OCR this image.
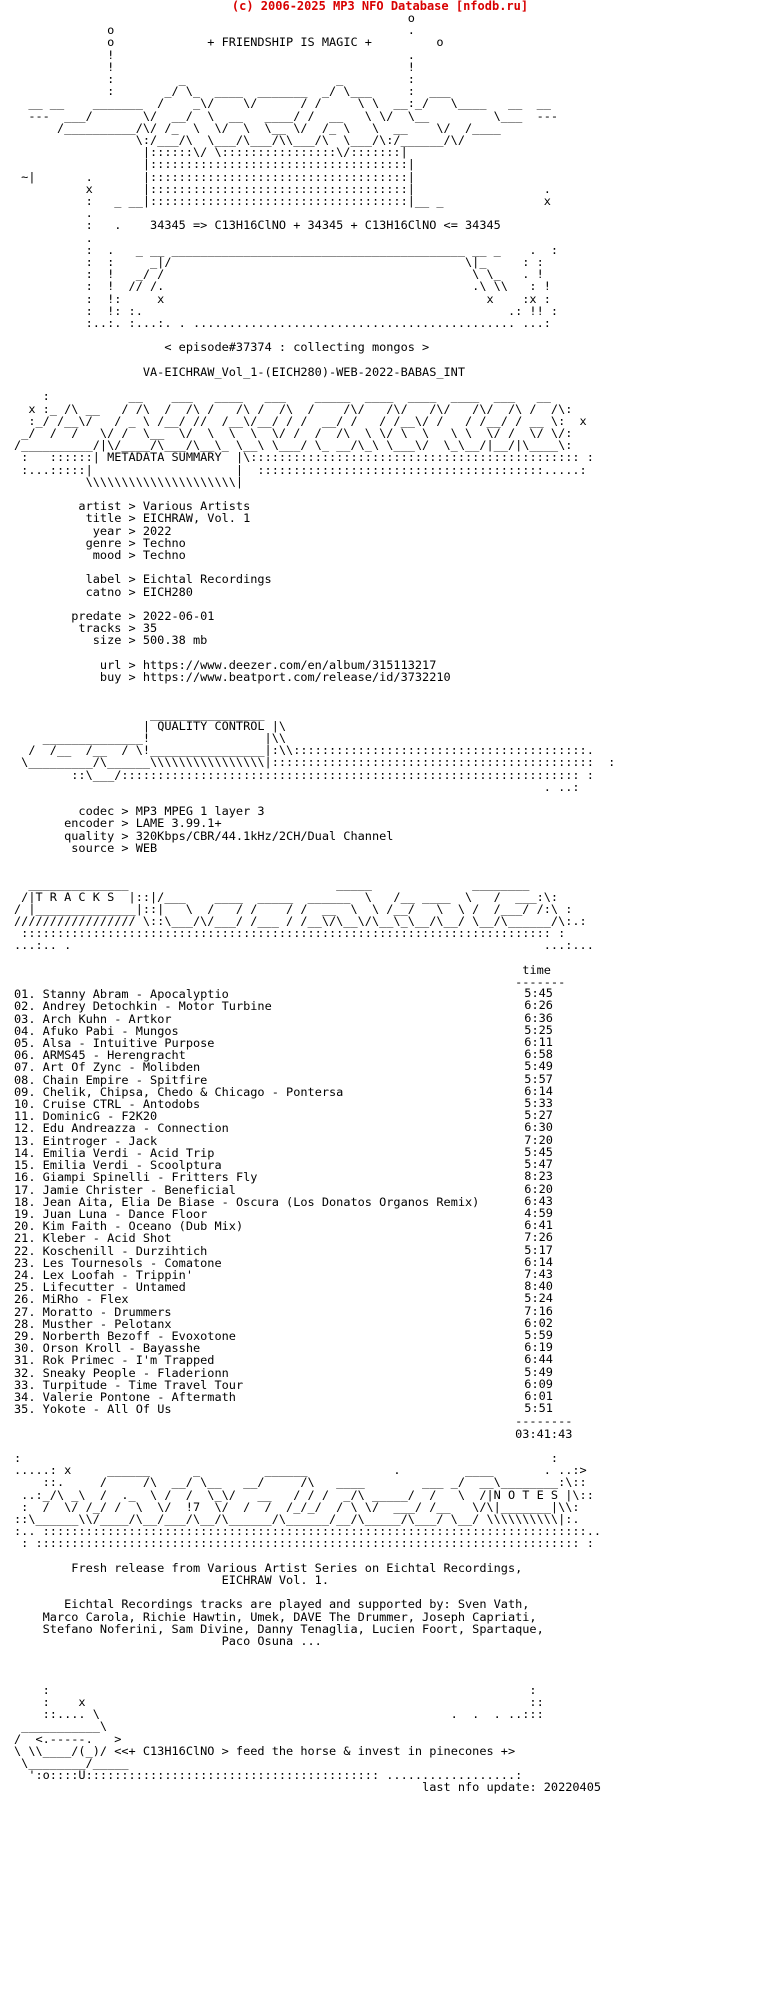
(c) 2006-2025 MP3 NFO Database [nfodb.ru]
o
o                                         .
o	+ FRIENDSHIP IS MAGIC +	o
!                                         .
!                                         !
:         _                     _         :
:       _/ \_  ____  _______  _/ \___     :  ___
__ __    _______  /    _\/    \/      / /     \ \  __:_/   \____   __  __
---  ___/       \/  __/  \  __   ____/ /  __   \ \/  \__         \___  ---
/__________/\/ /_  \  \/  \  \__ \/  /_ \   \  __    \/  /____
\:/___/\  \___/\___/\\___/\  \___/\:/______/\/
|::::::\/ \::::::::::::::::\/:::::::|
|::::::::::::::::::::::::::::::::::::|
~|       .       |::::::::::::::::::::::::::::::::::::|
x       |::::::::::::::::::::::::::::::::::::|                  .
:   _ __|::::::::::::::::::::::::::::::::::::|__ _              x
.
:   .    34345 => C13H16ClNO + 34345 + C13H16ClNO <= 34345
.
:  .   _ __ _________________________________________ __ _    .  :
:  :     _|/                                         \|_     : :
:  !   _/ /                                           \ \_   . !
:  !  // /.                                           .\ \\   : !
:  !:     x                                             x    :x :
:  !: :.                                                   .: !! :
:..:. :...:. . ............................................. ...:

< episode#37374 : collecting mongos >

VA-EICHRAW_Vol_1-(EICH280)-WEB-2022-BABAS_INT

:           __    ___   ____   ___    _____  ____  ____  ____  ___   __
x :_ /\ __   / /\  /  /\ /   /\ /  /\  /    /\/   /\/   /\/   /\/  /\ /  /\:
:_/ /__\/   / _ \ /__/ //  /__\/__/ / /  __/ /   / /__\/ /   / /__/ / __ \:  x
_/  /  /   \/ /  \__  \/  \  \  \  \/ /  /  /\  \ \/ \  \   \ \  \/ /  \/ \/:
/__________/|\/____/\___/\__\_ \__\ \___/ \_ __/\_\ \___\/  \_\__/|__/|\____\:
:   ::::::| METADATA SUMMARY  |\:::::::::::::::::::::::::::::::::::::::::::::: :
:...:::::|                    |  ::::::::::::::::::::::::::::::::::::::::.....:
\\\\\\\\\\\\\\\\\\\\\|

artist > Various Artists
title > EICHRAW, Vol. 1
year > 2022
genre > Techno
mood > Techno

label > Eichtal Recordings
catno > EICH280

predate > 2022-06-01
tracks > 35
size > 500.38 mb

url > https://www.deezer.com/en/album/315113217
buy > https://www.beatport.com/release/id/3732210

________________
| QUALITY CONTROL |\
______________!                |\\
/  /__  /__  / \!________________|:\\:::::::::::::::::::::::::::::::::::::::::.
\_________/\______\\\\\\\\\\\\\\\\|:::::::::::::::::::::::::::::::::::::::::::::  :
::\___/:::::::::::::::::::::::::::::::::::::::::::::::::::::::::::::::: :
. ..:

codec > MP3 MPEG 1 layer 3
encoder > LAME 3.99.1+
quality > 320Kbps/CBR/44.1kHz/2CH/Dual Channel
source > WEB

______________                             _____              ________
/|T R A C K S  |::|/___    ____  _____  ______  \   /__ ____  \   /  ___:\:
/ |______________|::|   \  /   / /    / /  __  \  \ /__/   \  \ /  /___/ /:\ :
///////////////// \::\___/\/___/ /___ / /__\/\__\/\__\_\__/\__/ \__/\______/\:.:
:::::::::::::::::::::::::::::::::::::::::::::::::::::::::::::::::::::::::: :
...:.. .                                                                  ...:...

time
-------
01. Stanny Abram - Apocalyptio
02. Andrey Detochkin - Motor Turbine
03. Arch Kuhn - Artkor
04. Afuko Pabi - Mungos
05. Alsa - Intuitive Purpose
06. ARMS45 - Herengracht
07. Art Of Zync - Molibden
08. Chain Empire - Spitfire
09. Chelik, Chipsa, Chedo & Chicago - Pontersa
10. Cruise CTRL - Antodobs
11. DominicG - F2K20
12. Edu Andreazza - Connection
13. Eintroger - Jack
14. Emilia Verdi - Acid Trip
15. Emilia Verdi - Scoolptura
16. Giampi Spinelli - Fritters Fly
17. Jamie Christer - Beneficial
18. Jean Aita, Elia De Biase - Oscura (Los Donatos Organos Remix)
19. Juan Luna - Dance Floor
20. Kim Faith - Oceano (Dub Mix)
21. Kleber - Acid Shot
22. Koschenill - Durzihtich
23. Les Tournesols - Comatone
24. Lex Loofah - Trippin'
25. Lifecutter - Untamed
26. MiRho - Flex
27. Moratto - Drummers
28. Musther - Pelotanx
29. Norberth Bezoff - Evoxotone
30. Orson Kroll - Bayasshe
31. Rok Primec - I'm Trapped
32. Sneaky People - Fladerionn
33. Turpitude - Time Travel Tour
34. Valerie Pontone - Aftermath
35. Yokote - All Of Us
--------
03:41:43

:                                                                          :
.....: x     ______      _         ______            .         ____       . ..:>
::.     /     /\  __/ \__   __/     /\   ____        ___ _/  __\________:\::
..:_/\ _\  /  ._  \ /  /  \_\/   __   / / /  _/\ _____/  /   \  /|N O T E S |\::
:  /  \/ /_/ /  \  \/  !7  \/  /  /  /_/_/  / \ \/  ___/ /__   \/\|_______|\\:
::\______\\/____/\__/___/\__/\______/\______/__/\_____/\___/ \__/ \\\\\\\\\\|:.
:.. ::::::::::::::::::::::::::::::::::::::::::::::::::::::::::::::::::::::::::::..
: :::::::::::::::::::::::::::::::::::::::::::::::::::::::::::::::::::::::::::: :

Fresh release from Various Artist Series on Eichtal Recordings,
EICHRAW Vol. 1.

Eichtal Recordings tracks are played and supported by: Sven Vath,
Marco Carola, Richie Hawtin, Umek, DAVE The Drummer, Joseph Capriati,
Stefano Noferini, Sam Divine, Danny Tenaglia, Lucien Foort, Spartaque,
Paco Osuna ...

:                                                                   :
:    x                                                              ::
::.... \                                                 .  .  . ..:::
___________\
/  <.-----.   >
\ \\____/(_)/ <<+ C13H16ClNO > feed the horse & invest in pinecones +>
\________/_____
':o::::U::::::::::::::::::::::::::::::::::::::::: ..................:
last nfo update: 20220405

5:45
6:26
6:36
5:25
6:11
6:58
5:49
5:57
6:14
5:33
5:27
6:30
7:20
5:45
5:47
8:23
6:20
6:43
4:59
6:41
7:26
5:17
6:14
7:43
8:40
5:24
7:16
6:02
5:59
6:19
6:44
5:49
6:09
6:01
5:51
